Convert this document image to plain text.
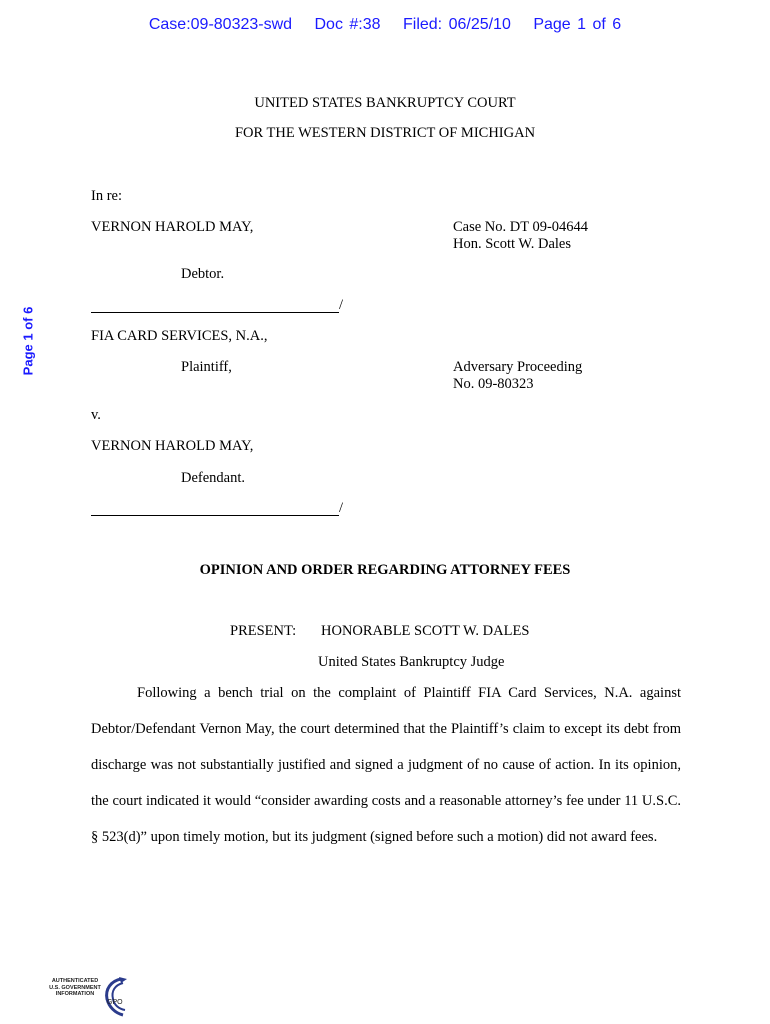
Case:09-80323-swd Doc #:38 Filed: 06/25/10 Page 1 of 6
Page 1 of 6
UNITED STATES BANKRUPTCY COURT
FOR THE WESTERN DISTRICT OF MICHIGAN
In re:
VERNON HAROLD MAY,	Case No. DT 09-04644
Hon. Scott W. Dales
Debtor.
/
FIA CARD SERVICES, N.A.,
Plaintiff,	Adversary Proceeding
No. 09-80323
v.
VERNON HAROLD MAY,
Defendant.
/
OPINION AND ORDER REGARDING ATTORNEY FEES
PRESENT: HONORABLE SCOTT W. DALES
United States Bankruptcy Judge
Following a bench trial on the complaint of Plaintiff FIA Card Services, N.A. against Debtor/Defendant Vernon May, the court determined that the Plaintiff’s claim to except its debt from discharge was not substantially justified and signed a judgment of no cause of action. In its opinion, the court indicated it would “consider awarding costs and a reasonable attorney’s fee under 11 U.S.C. § 523(d)” upon timely motion, but its judgment (signed before such a motion) did not award fees.
AUTHENTICATED
U.S. GOVERNMENT
INFORMATION
GPO
